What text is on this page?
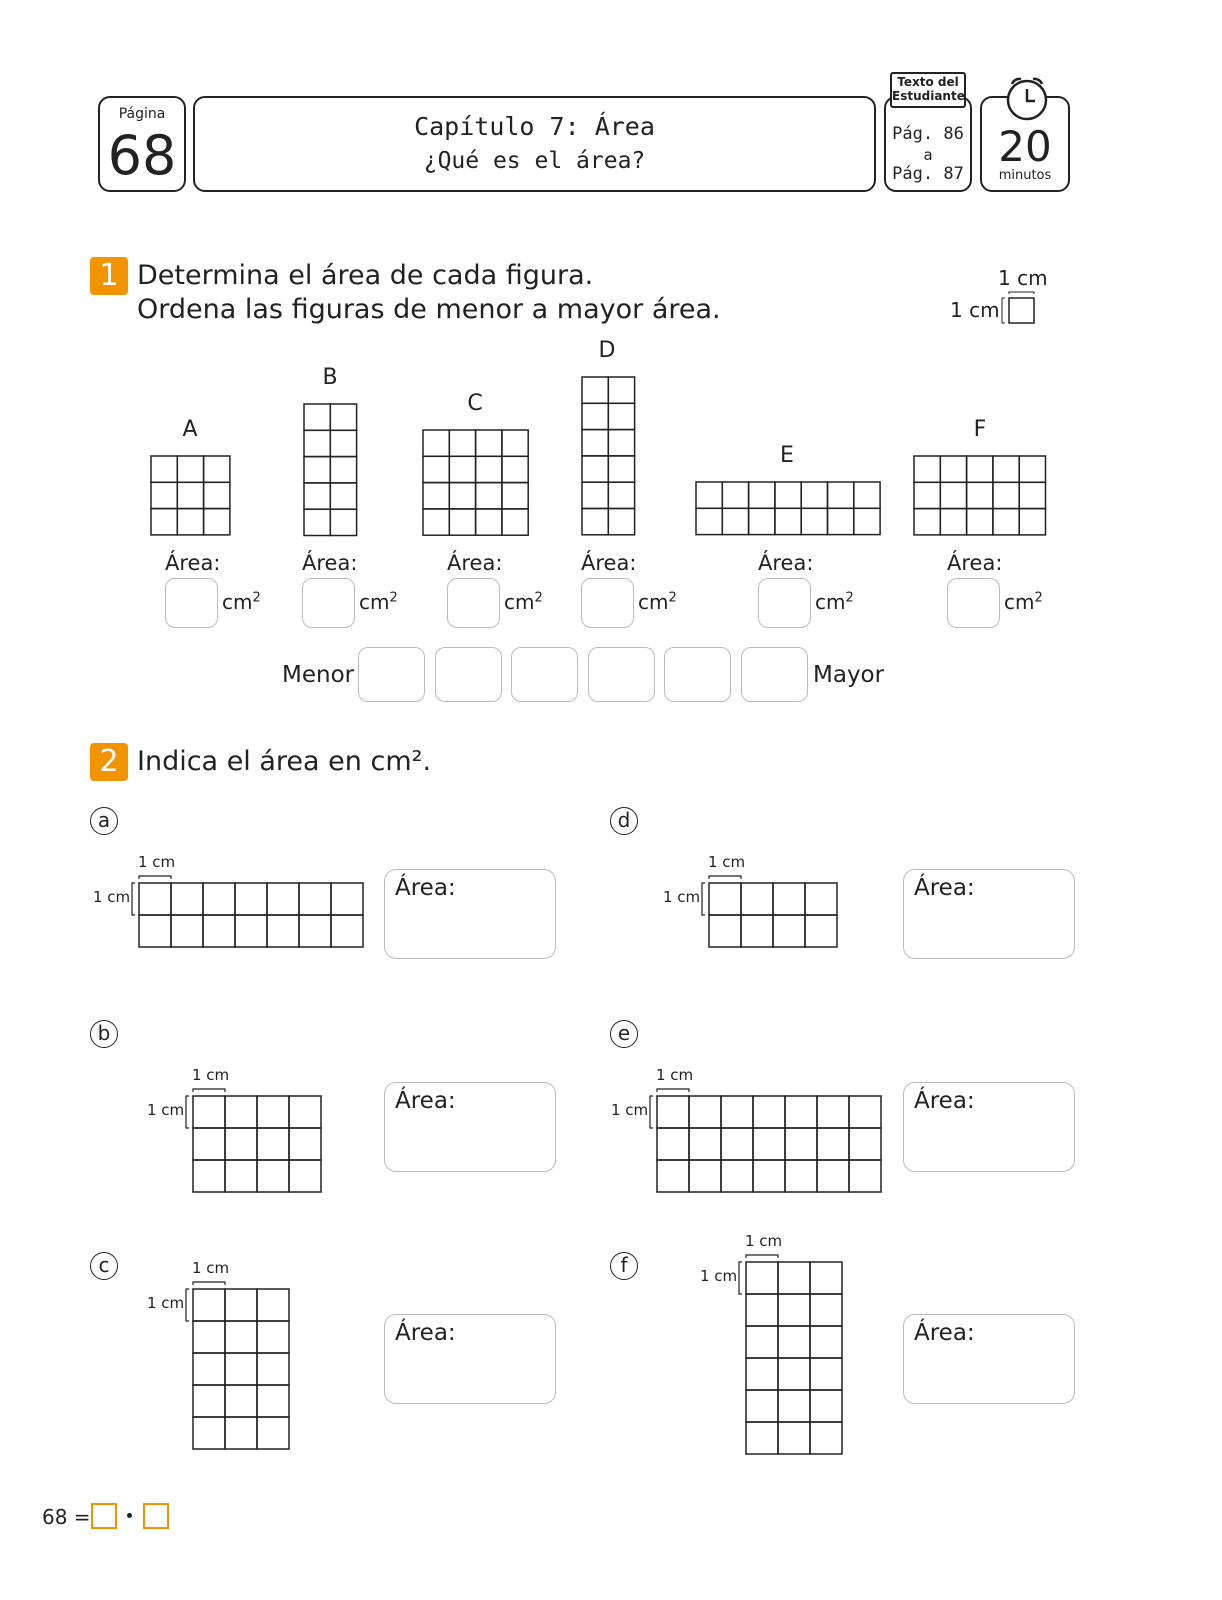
Página
68	Capítulo 7: Área
¿Qué es el área?
Texto del
Estudiante
Pág. 86
a
Pág. 87
20
minutos
1 Determina el área de cada figura.
Ordena las figuras de menor a mayor área.
1 cm
1 cm
A
Área:
$cm^2$
B
Área:
$cm^2$
C
Área:
$cm^2$
D
Área:
$cm^2$
E
Área:
$cm^2$
F
Área:
$cm^2$
Menor	Mayor
2 Indica el área en cm².
a
1 cm
1 cm	Área:
b
1 cm
1 cm	Área:
c	1 cm
1 cm
Área:
d
1 cm
1 cm	Área:
e
1 cm
1 cm	Área:
f
1 cm
1 cm
Área:
68 =
